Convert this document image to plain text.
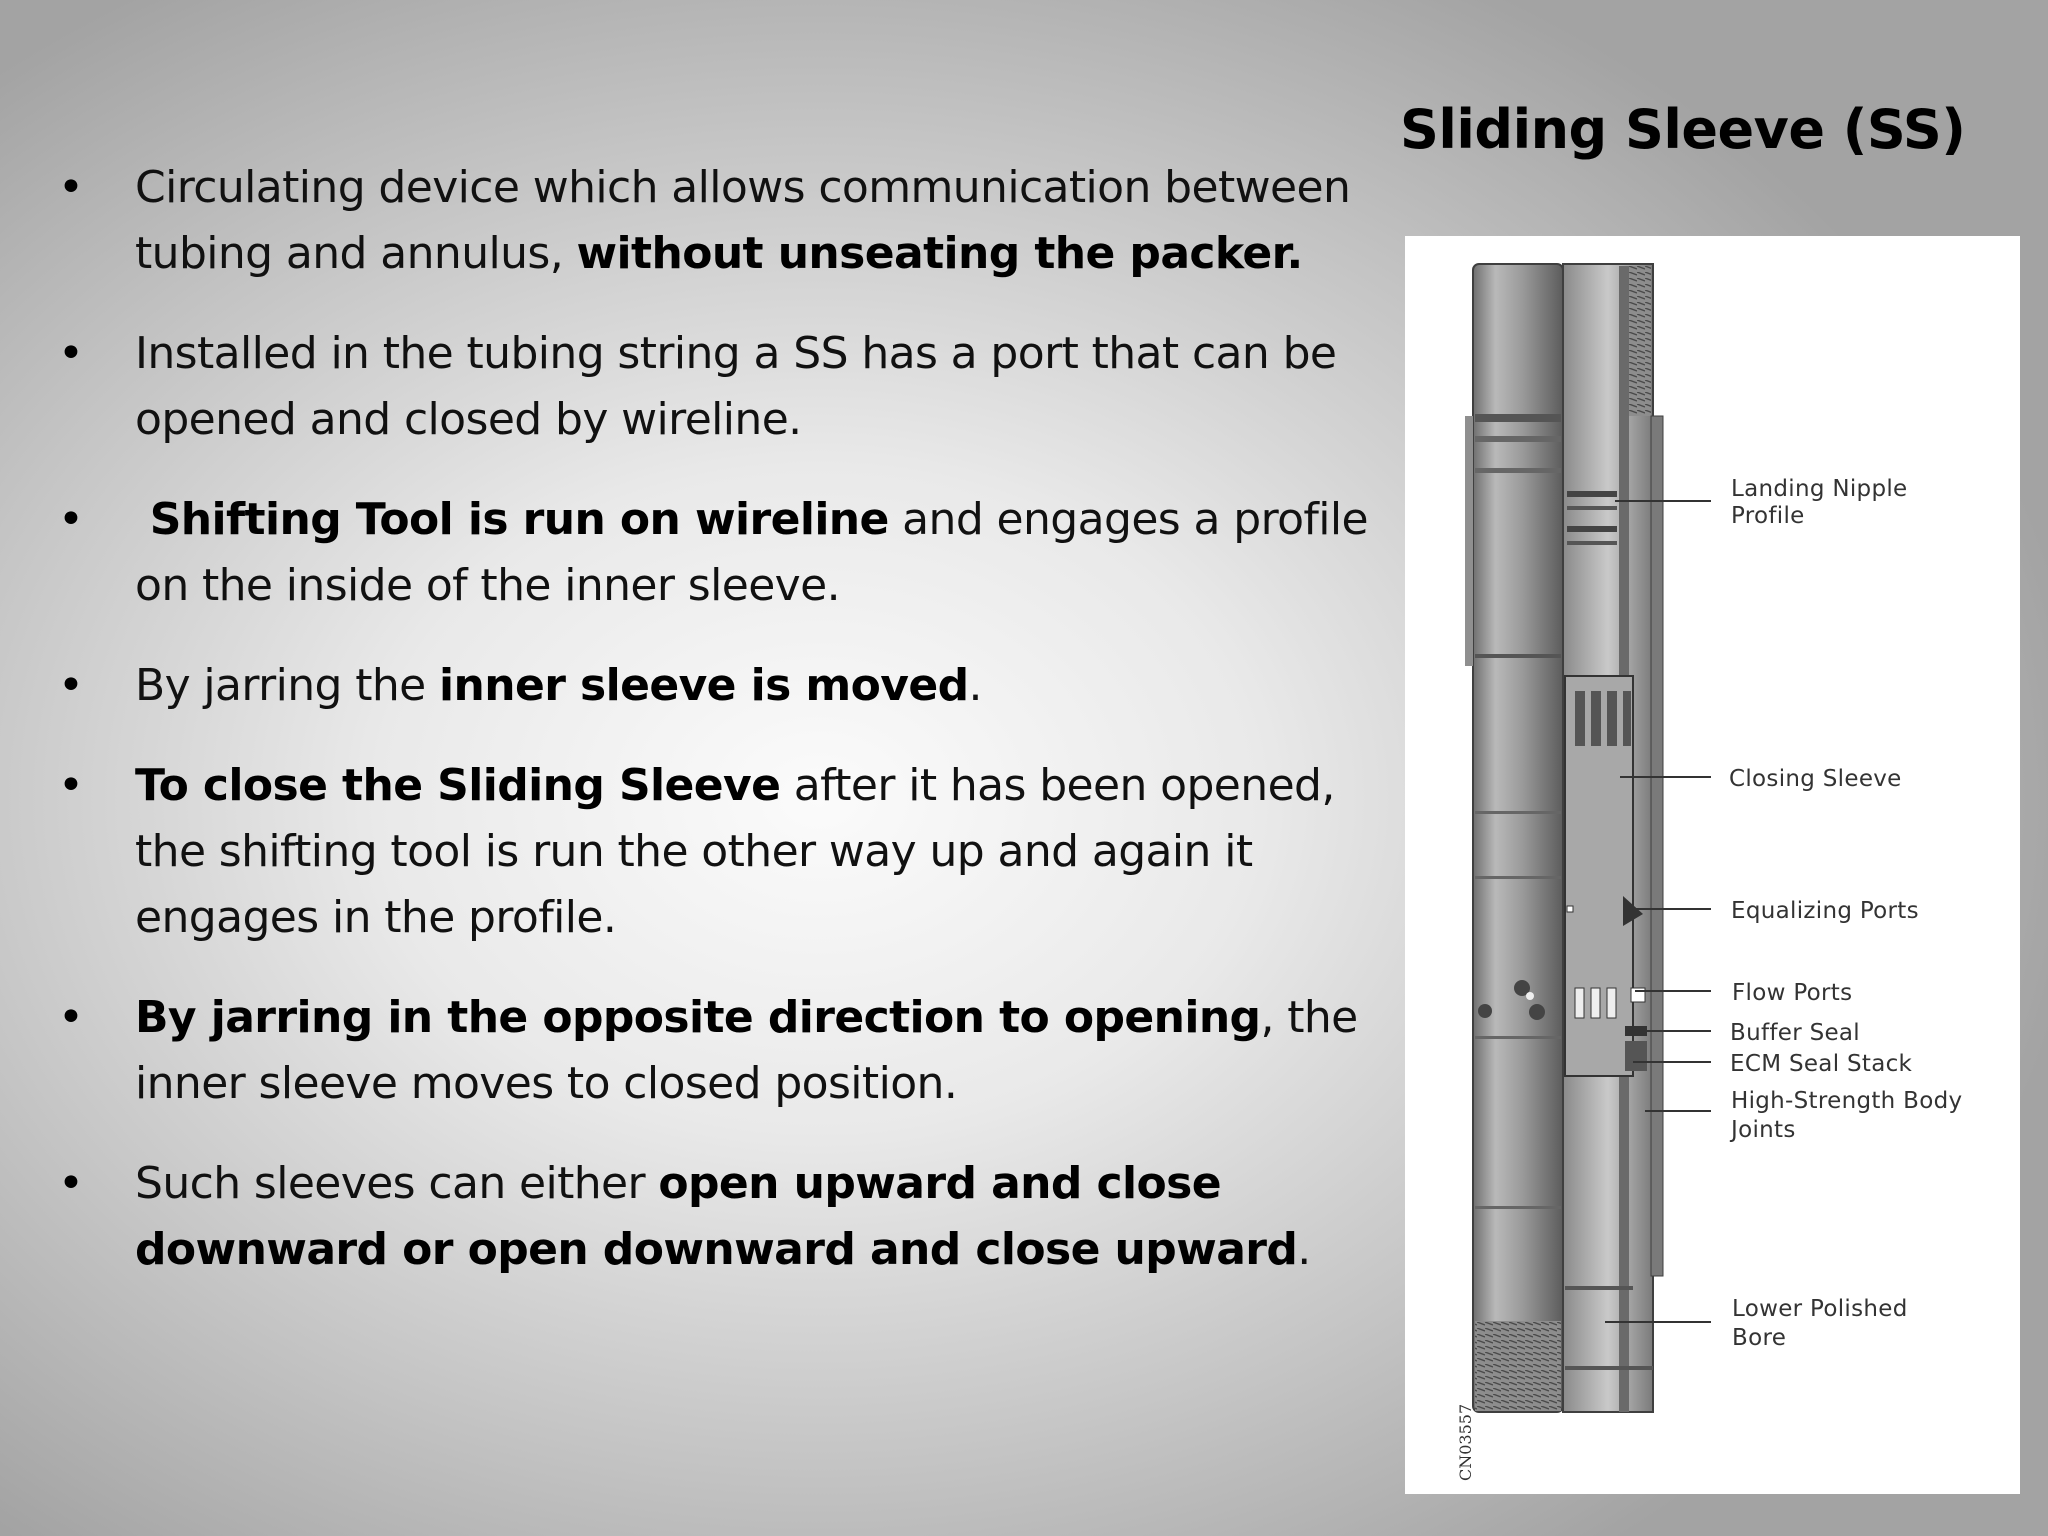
Sliding Sleeve (SS)
• Circulating device which allows communication between tubing and annulus, without unseating the packer.
• Installed in the tubing string a SS has a port that can be opened and closed by wireline.
• Shifting Tool is run on wireline and engages a profile on the inside of the inner sleeve.
• By jarring the inner sleeve is moved.
• To close the Sliding Sleeve after it has been opened, the shifting tool is run the other way up and again it engages in the profile.
• By jarring in the opposite direction to opening, the inner sleeve moves to closed position.
• Such sleeves can either open upward and close downward or open downward and close upward.
Landing Nipple
Profile
Closing Sleeve
Equalizing Ports
Flow Ports
Buffer Seal
ECM Seal Stack
High-Strength Body
Joints
Lower Polished
Bore
CN03557
